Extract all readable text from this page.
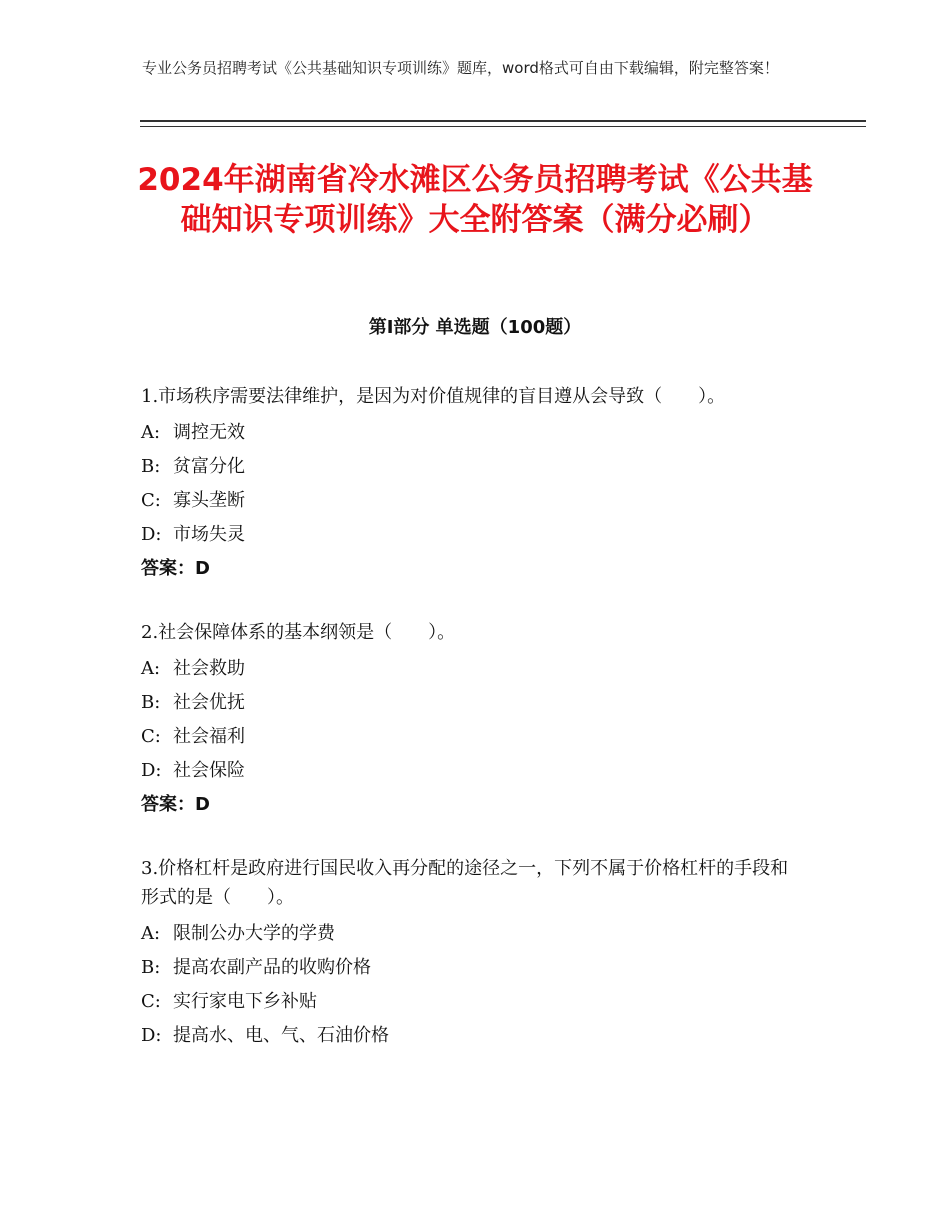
专业公务员招聘考试《公共基础知识专项训练》题库，word格式可自由下载编辑，附完整答案！
2024年湖南省冷水滩区公务员招聘考试《公共基础知识专项训练》大全附答案（满分必刷）
第Ⅰ部分 单选题（100题）
1.市场秩序需要法律维护，是因为对价值规律的盲目遵从会导致（　　）。
A: 调控无效
B: 贫富分化
C: 寡头垄断
D: 市场失灵
答案：D
2.社会保障体系的基本纲领是（　　）。
A: 社会救助
B: 社会优抚
C: 社会福利
D: 社会保险
答案：D
3.价格杠杆是政府进行国民收入再分配的途径之一，下列不属于价格杠杆的手段和形式的是（　　）。
A: 限制公办大学的学费
B: 提高农副产品的收购价格
C: 实行家电下乡补贴
D: 提高水、电、气、石油价格
